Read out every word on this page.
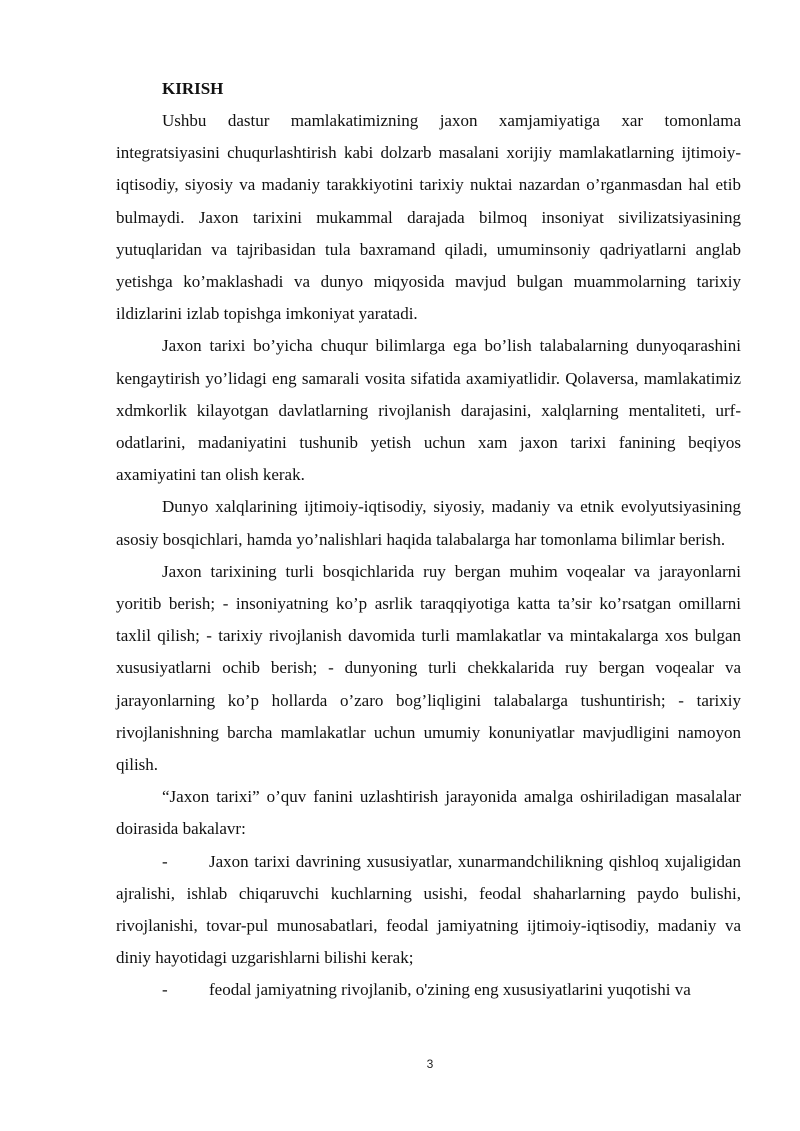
KIRISH

Ushbu dastur mamlakatimizning jaxon xamjamiyatiga xar tomonlama integratsiyasini chuqurlashtirish kabi dolzarb masalani xorijiy mamlakatlarning ijtimoiy-iqtisodiy, siyosiy va madaniy tarakkiyotini tarixiy nuktai nazardan o’rganmasdan hal etib bulmaydi. Jaxon tarixini mukammal darajada bilmoq insoniyat sivilizatsiyasining yutuqlaridan va tajribasidan tula baxramand qiladi, umuminsoniy qadriyatlarni anglab yetishga ko’maklashadi va dunyo miqyosida mavjud bulgan muammolarning tarixiy ildizlarini izlab topishga imkoniyat yaratadi.

Jaxon tarixi bo’yicha chuqur bilimlarga ega bo’lish talabalarning dunyoqarashini kengaytirish yo’lidagi eng samarali vosita sifatida axamiyatlidir. Qolaversa, mamlakatimiz xdmkorlik kilayotgan davlatlarning rivojlanish darajasini, xalqlarning mentaliteti, urf-odatlarini, madaniyatini tushunib yetish uchun xam jaxon tarixi fanining beqiyos axamiyatini tan olish kerak.

Dunyo xalqlarining ijtimoiy-iqtisodiy, siyosiy, madaniy va etnik evolyutsiyasining asosiy bosqichlari, hamda yo’nalishlari haqida talabalarga har tomonlama bilimlar berish.

Jaxon tarixining turli bosqichlarida ruy bergan muhim voqealar va jarayonlarni yoritib berish; - insoniyatning ko’p asrlik taraqqiyotiga katta ta’sir ko’rsatgan omillarni taxlil qilish; - tarixiy rivojlanish davomida turli mamlakatlar va mintakalarga xos bulgan xususiyatlarni ochib berish; - dunyoning turli chekkalarida ruy bergan voqealar va jarayonlarning ko’p hollarda o’zaro bog’liqligini talabalarga tushuntirish; - tarixiy rivojlanishning barcha mamlakatlar uchun umumiy konuniyatlar mavjudligini namoyon qilish.

“Jaxon tarixi” o’quv fanini uzlashtirish jarayonida amalga oshiriladigan masalalar doirasida bakalavr:

- Jaxon tarixi davrining xususiyatlar, xunarmandchilikning qishloq xujaligidan ajralishi, ishlab chiqaruvchi kuchlarning usishi, feodal shaharlarning paydo bulishi, rivojlanishi, tovar-pul munosabatlari, feodal jamiyatning ijtimoiy-iqtisodiy, madaniy va diniy hayotidagi uzgarishlarni bilishi kerak;
- feodal jamiyatning rivojlanib, o'zining eng xususiyatlarini yuqotishi va
3
